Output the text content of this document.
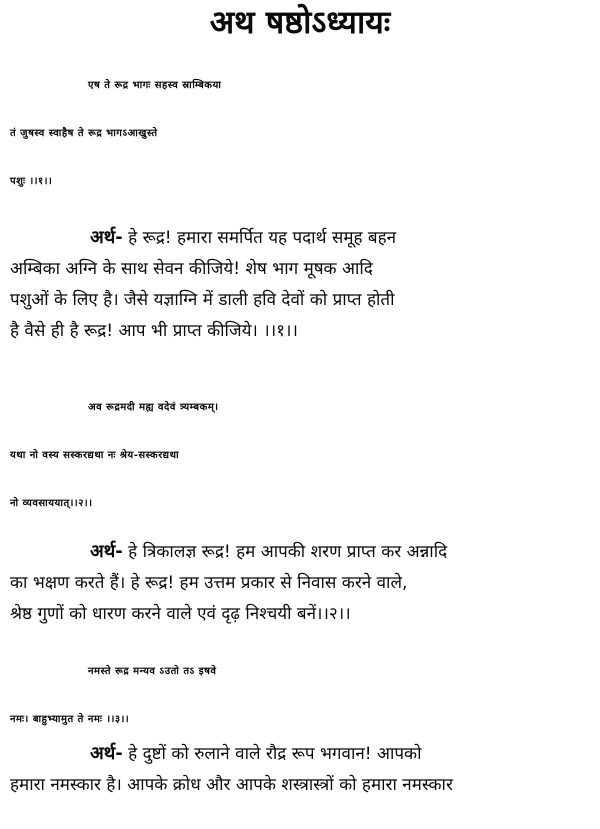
अथ षष्ठोऽध्यायः
एष ते रूद्र भागः सहस्व स्राम्बिकया
तं जुषस्व स्वाहैष ते रूद्र भागऽआखुस्ते
पशुः ।।१।।
अर्थ- हे रूद्र! हमारा समर्पित यह पदार्थ समूह बहन
अम्बिका अग्नि के साथ सेवन कीजिये! शेष भाग मूषक आदि
पशुओं के लिए है। जैसे यज्ञाग्नि में डाली हवि देवों को प्राप्त होती
है वैसे ही है रूद्र! आप भी प्राप्त कीजिये। ।।१।।
अव रूद्रमदी मह्य वदेवं त्र्यम्बकम्।
यथा नो वस्य सस्करद्यथा नः श्रेय-सस्करद्यथा
नो व्यवसाययात्।।२।।
अर्थ- हे त्रिकालज्ञ रूद्र! हम आपकी शरण प्राप्त कर अन्नादि
का भक्षण करते हैं। हे रूद्र! हम उत्तम प्रकार से निवास करने वाले,
श्रेष्ठ गुणों को धारण करने वाले एवं दृढ़ निश्चयी बनें।।२।।
नमस्ते रूद्र मन्यव ऽउतो तऽ इषवे
नमः। बाहुभ्यामुत ते नमः ।।३।।
अर्थ- हे दुष्टों को रुलाने वाले रौद्र रूप भगवान! आपको
हमारा नमस्कार है। आपके क्रोध और आपके शस्त्रास्त्रों को हमारा नमस्कार
